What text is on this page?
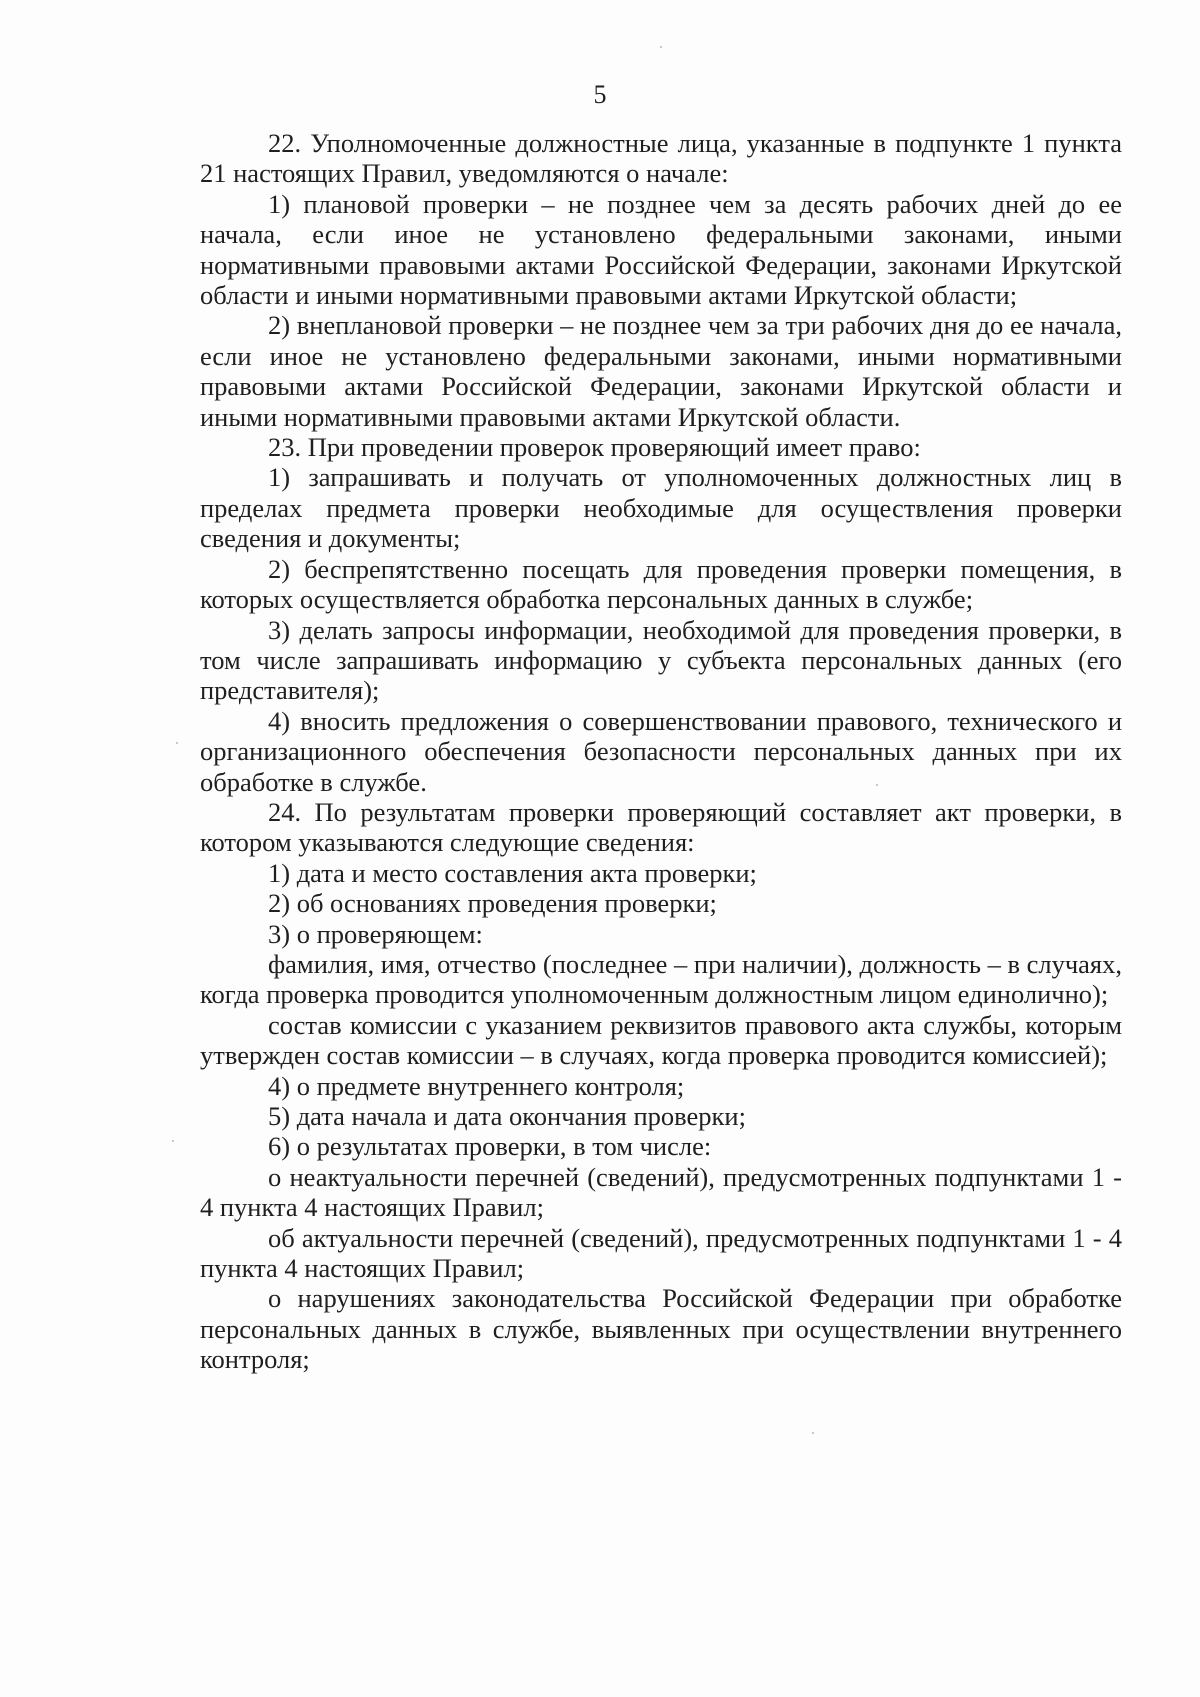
5

22. Уполномоченные должностные лица, указанные в подпункте 1 пункта 21 настоящих Правил, уведомляются о начале:

1) плановой проверки – не позднее чем за десять рабочих дней до ее начала, если иное не установлено федеральными законами, иными нормативными правовыми актами Российской Федерации, законами Иркутской области и иными нормативными правовыми актами Иркутской области;

2) внеплановой проверки – не позднее чем за три рабочих дня до ее начала, если иное не установлено федеральными законами, иными нормативными правовыми актами Российской Федерации, законами Иркутской области и иными нормативными правовыми актами Иркутской области.

23. При проведении проверок проверяющий имеет право:

1) запрашивать и получать от уполномоченных должностных лиц в пределах предмета проверки необходимые для осуществления проверки сведения и документы;

2) беспрепятственно посещать для проведения проверки помещения, в которых осуществляется обработка персональных данных в службе;

3) делать запросы информации, необходимой для проведения проверки, в том числе запрашивать информацию у субъекта персональных данных (его представителя);

4) вносить предложения о совершенствовании правового, технического и организационного обеспечения безопасности персональных данных при их обработке в службе.

24. По результатам проверки проверяющий составляет акт проверки, в котором указываются следующие сведения:

1) дата и место составления акта проверки;

2) об основаниях проведения проверки;

3) о проверяющем:

фамилия, имя, отчество (последнее – при наличии), должность – в случаях, когда проверка проводится уполномоченным должностным лицом единолично);

состав комиссии с указанием реквизитов правового акта службы, которым утвержден состав комиссии – в случаях, когда проверка проводится комиссией);

4) о предмете внутреннего контроля;

5) дата начала и дата окончания проверки;

6) о результатах проверки, в том числе:

о неактуальности перечней (сведений), предусмотренных подпунктами 1 - 4 пункта 4 настоящих Правил;

об актуальности перечней (сведений), предусмотренных подпунктами 1 - 4 пункта 4 настоящих Правил;

о нарушениях законодательства Российской Федерации при обработке персональных данных в службе, выявленных при осуществлении внутреннего контроля;
